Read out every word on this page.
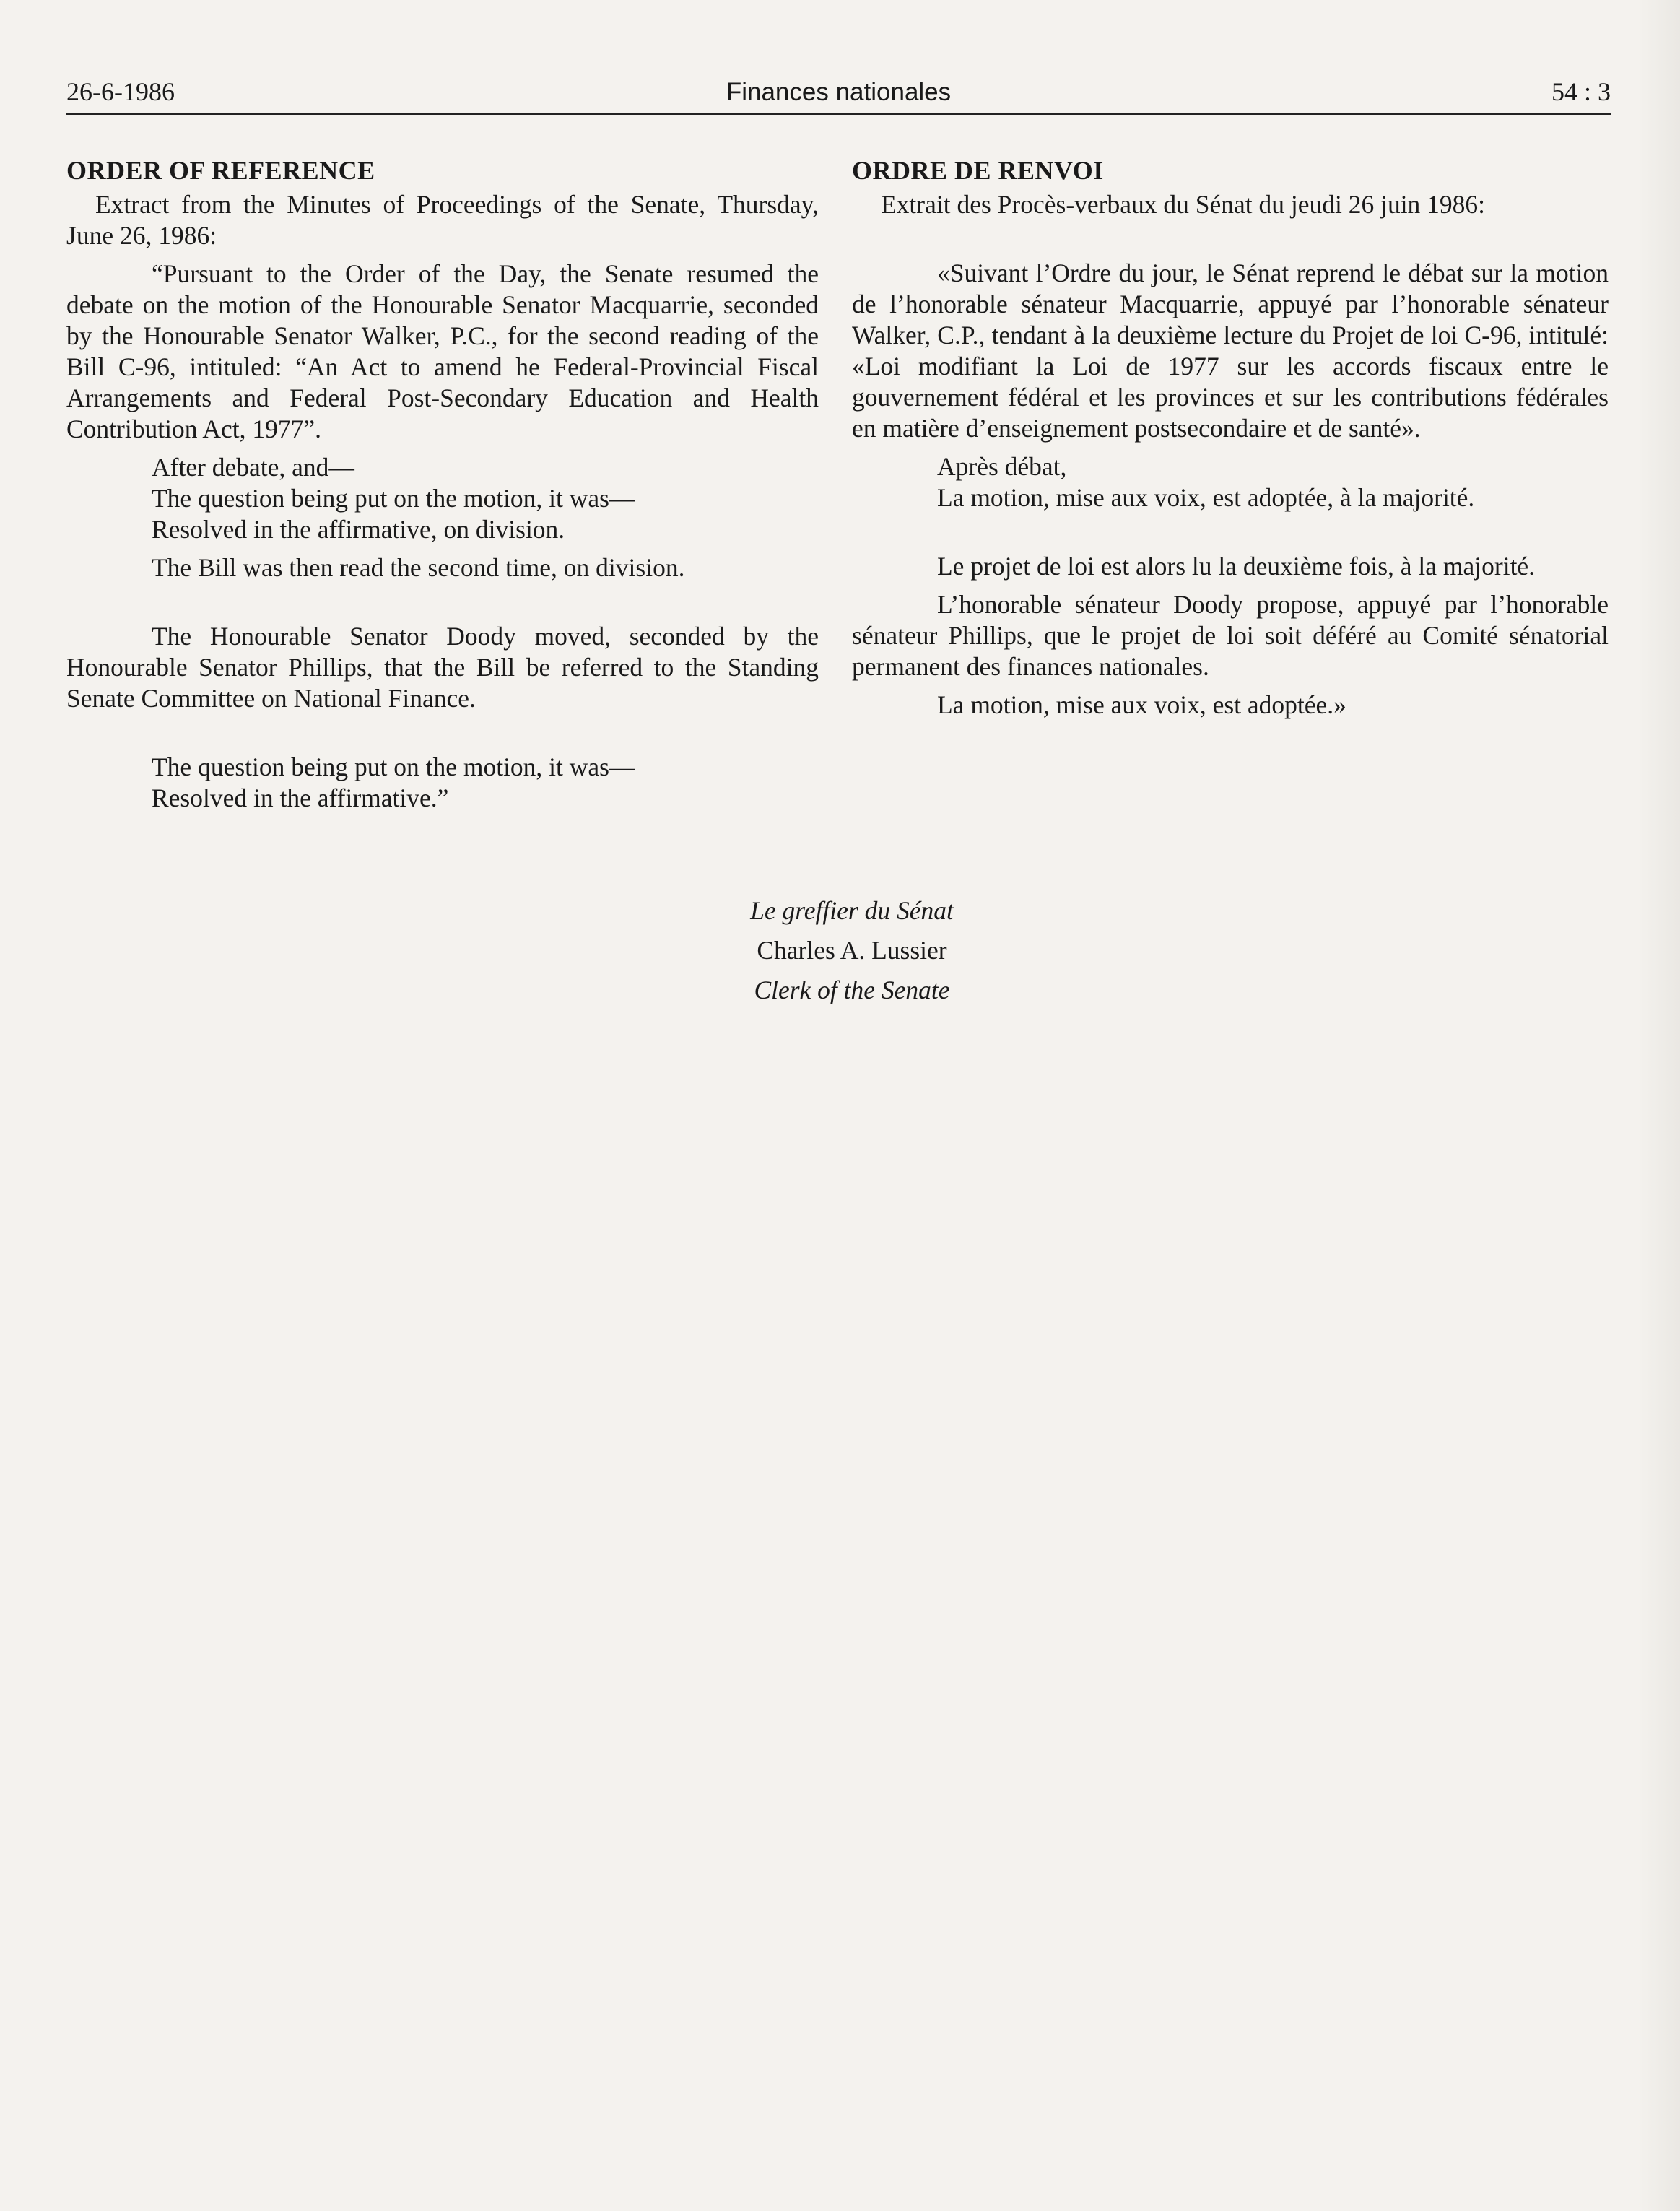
26-6-1986	Finances nationales	54 : 3
ORDER OF REFERENCE

Extract from the Minutes of Proceedings of the Senate, Thursday, June 26, 1986:

“Pursuant to the Order of the Day, the Senate resumed the debate on the motion of the Honourable Senator Macquarrie, seconded by the Honourable Senator Walker, P.C., for the second reading of the Bill C-96, intituled: “An Act to amend he Federal-Provincial Fiscal Arrangements and Federal Post-Secondary Education and Health Contribution Act, 1977”.

After debate, and—

The question being put on the motion, it was—

Resolved in the affirmative, on division.

The Bill was then read the second time, on division.

The Honourable Senator Doody moved, seconded by the Honourable Senator Phillips, that the Bill be referred to the Standing Senate Committee on National Finance.

The question being put on the motion, it was—

Resolved in the affirmative.”

ORDRE DE RENVOI

Extrait des Procès-verbaux du Sénat du jeudi 26 juin 1986:

«Suivant l’Ordre du jour, le Sénat reprend le débat sur la motion de l’honorable sénateur Macquarrie, appuyé par l’honorable sénateur Walker, C.P., tendant à la deuxième lecture du Projet de loi C-96, intitulé: «Loi modifiant la Loi de 1977 sur les accords fiscaux entre le gouvernement fédéral et les provinces et sur les contributions fédérales en matière d’enseignement postsecondaire et de santé».

Après débat,

La motion, mise aux voix, est adoptée, à la majorité.

Le projet de loi est alors lu la deuxième fois, à la majorité.

L’honorable sénateur Doody propose, appuyé par l’honorable sénateur Phillips, que le projet de loi soit déféré au Comité sénatorial permanent des finances nationales.

La motion, mise aux voix, est adoptée.»

Le greffier du Sénat
Charles A. Lussier
Clerk of the Senate
